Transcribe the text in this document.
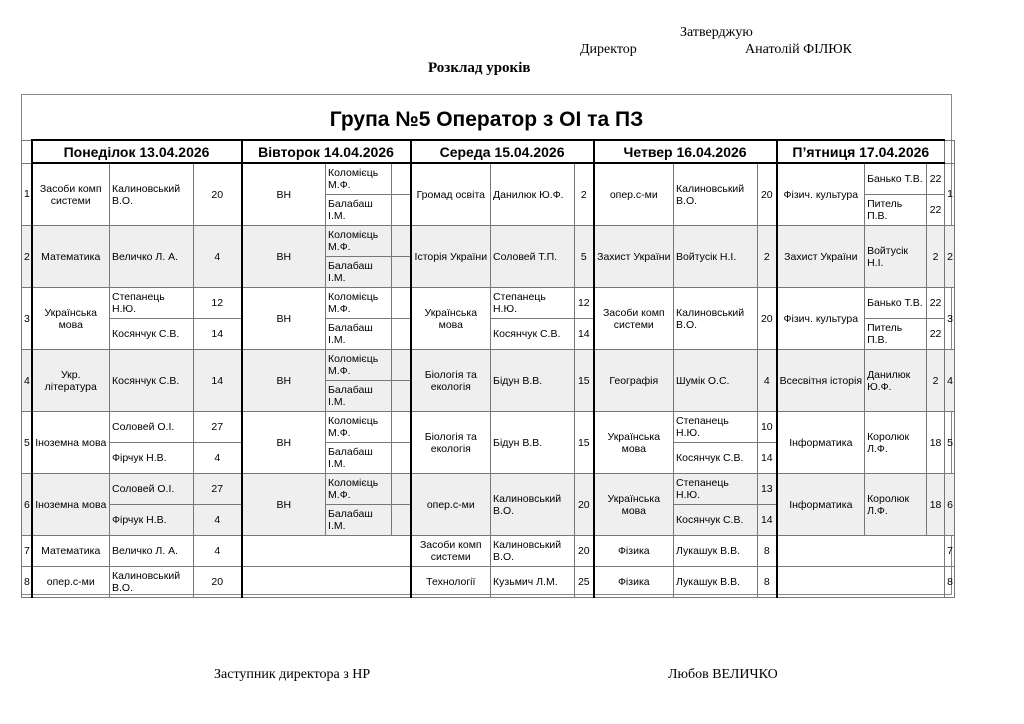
Затверджую
Директор	Анатолій ФІЛЮК
Розклад уроків
Група №5 Оператор з ОІ та ПЗ
	Понеділок 13.04.2026			Вівторок 14.04.2026			Середа 15.04.2026			Четвер 16.04.2026			П’ятниця 17.04.2026			
1	Засоби комп системи	Калиновський В.О.	20	ВН	Коломієць М.Ф.		Громад освіта	Данилюк Ю.Ф.	2	опер.с-ми	Калиновський В.О.	20	Фізич. культура	Банько Т.В.	22	1
					Балабаш І.М.									Питель П.В.	22	
2	Математика	Величко Л. А.	4	ВН	Коломієць М.Ф.		Історія України	Соловей Т.П.	5	Захист України	Войтусік Н.І.	2	Захист України	Войтусік Н.І.	2	2
					Балабаш І.М.											
3	Українська мова	Степанець Н.Ю.	12	ВН	Коломієць М.Ф.		Українська мова	Степанець Н.Ю.	12	Засоби комп системи	Калиновський В.О.	20	Фізич. культура	Банько Т.В.	22	3
		Косянчук С.В.	14		Балабаш І.М.			Косянчук С.В.	14					Питель П.В.	22	
4	Укр. література	Косянчук С.В.	14	ВН	Коломієць М.Ф.		Біологія та екологія	Бідун В.В.	15	Географія	Шумік О.С.	4	Всесвітня історія	Данилюк Ю.Ф.	2	4
					Балабаш І.М.											
5	Іноземна мова	Соловей О.І.	27	ВН	Коломієць М.Ф.		Біологія та екологія	Бідун В.В.	15	Українська мова	Степанець Н.Ю.	10	Інформатика	Королюк Л.Ф.	18	5
		Фірчук Н.В.	4		Балабаш І.М.						Косянчук С.В.	14				
6	Іноземна мова	Соловей О.І.	27	ВН	Коломієць М.Ф.		опер.с-ми	Калиновський В.О.	20	Українська мова	Степанець Н.Ю.	13	Інформатика	Королюк Л.Ф.	18	6
		Фірчук Н.В.	4		Балабаш І.М.						Косянчук С.В.	14				
7	Математика	Величко Л. А.	4				Засоби комп системи	Калиновський В.О.	20	Фізика	Лукашук В.В.	8				7
8	опер.с-ми	Калиновський В.О.	20				Технології	Кузьмич Л.М.	25	Фізика	Лукашук В.В.	8				8
Заступник директора з НР	Любов ВЕЛИЧКО
